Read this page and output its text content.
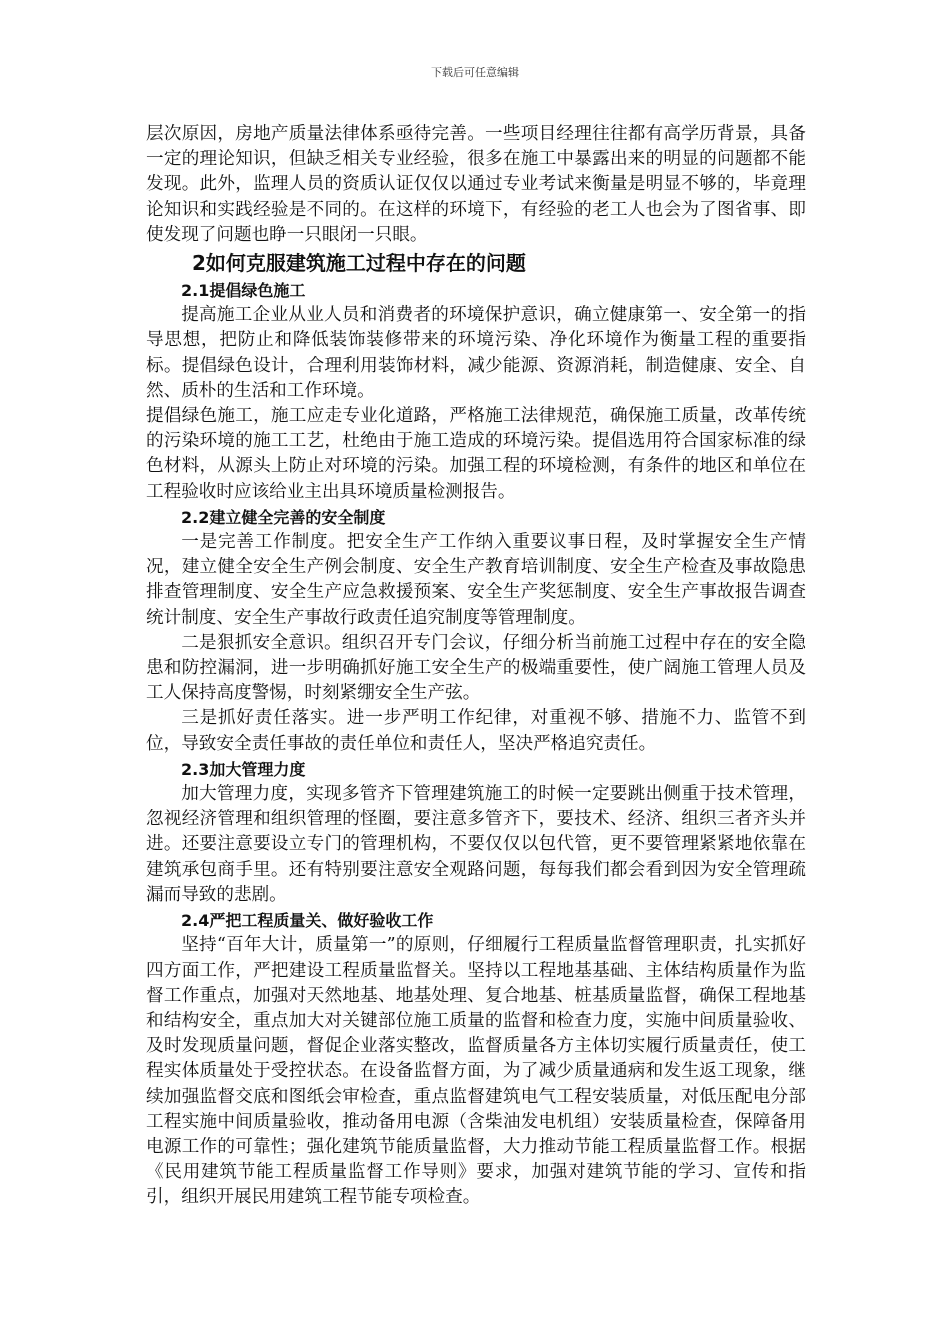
下载后可任意编辑

层次原因，房地产质量法律体系亟待完善。一些项目经理往往都有高学历背景，具备一定的理论知识，但缺乏相关专业经验，很多在施工中暴露出来的明显的问题都不能发现。此外，监理人员的资质认证仅仅以通过专业考试来衡量是明显不够的，毕竟理论知识和实践经验是不同的。在这样的环境下，有经验的老工人也会为了图省事、即使发现了问题也睁一只眼闭一只眼。

2如何克服建筑施工过程中存在的问题

2.1提倡绿色施工

提高施工企业从业人员和消费者的环境保护意识，确立健康第一、安全第一的指导思想，把防止和降低装饰装修带来的环境污染、净化环境作为衡量工程的重要指标。提倡绿色设计，合理利用装饰材料，减少能源、资源消耗，制造健康、安全、自然、质朴的生活和工作环境。

提倡绿色施工，施工应走专业化道路，严格施工法律规范，确保施工质量，改革传统的污染环境的施工工艺，杜绝由于施工造成的环境污染。提倡选用符合国家标准的绿色材料，从源头上防止对环境的污染。加强工程的环境检测，有条件的地区和单位在工程验收时应该给业主出具环境质量检测报告。

2.2建立健全完善的安全制度

一是完善工作制度。把安全生产工作纳入重要议事日程，及时掌握安全生产情况，建立健全安全生产例会制度、安全生产教育培训制度、安全生产检查及事故隐患排查管理制度、安全生产应急救援预案、安全生产奖惩制度、安全生产事故报告调查统计制度、安全生产事故行政责任追究制度等管理制度。

二是狠抓安全意识。组织召开专门会议，仔细分析当前施工过程中存在的安全隐患和防控漏洞，进一步明确抓好施工安全生产的极端重要性，使广阔施工管理人员及工人保持高度警惕，时刻紧绷安全生产弦。

三是抓好责任落实。进一步严明工作纪律，对重视不够、措施不力、监管不到位，导致安全责任事故的责任单位和责任人，坚决严格追究责任。

2.3加大管理力度

加大管理力度，实现多管齐下管理建筑施工的时候一定要跳出侧重于技术管理，忽视经济管理和组织管理的怪圈，要注意多管齐下，要技术、经济、组织三者齐头并进。还要注意要设立专门的管理机构，不要仅仅以包代管，更不要管理紧紧地依靠在建筑承包商手里。还有特别要注意安全观路问题，每每我们都会看到因为安全管理疏漏而导致的悲剧。

2.4严把工程质量关、做好验收工作

坚持“百年大计，质量第一”的原则，仔细履行工程质量监督管理职责，扎实抓好四方面工作，严把建设工程质量监督关。坚持以工程地基基础、主体结构质量作为监督工作重点，加强对天然地基、地基处理、复合地基、桩基质量监督，确保工程地基和结构安全，重点加大对关键部位施工质量的监督和检查力度，实施中间质量验收、及时发现质量问题，督促企业落实整改，监督质量各方主体切实履行质量责任，使工程实体质量处于受控状态。在设备监督方面，为了减少质量通病和发生返工现象，继续加强监督交底和图纸会审检查，重点监督建筑电气工程安装质量，对低压配电分部工程实施中间质量验收，推动备用电源（含柴油发电机组）安装质量检查，保障备用电源工作的可靠性；强化建筑节能质量监督，大力推动节能工程质量监督工作。根据《民用建筑节能工程质量监督工作导则》要求，加强对建筑节能的学习、宣传和指引，组织开展民用建筑工程节能专项检查。
